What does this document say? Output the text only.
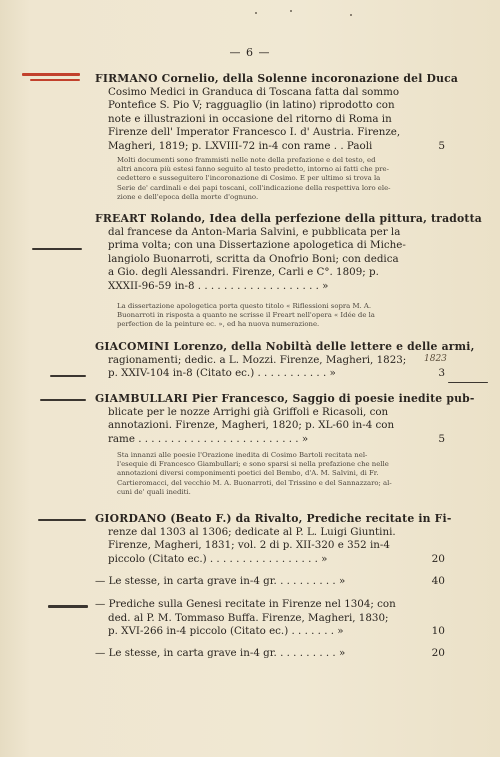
— 6 —
FIRMANO Cornelio, della Solenne incoronazione del Duca
Cosimo Medici in Granduca di Toscana fatta dal sommo
Pontefice S. Pio V; ragguaglio (in latino) riprodotto con
note e illustrazioni in occasione del ritorno di Roma in
Firenze dell' Imperator Francesco I. d' Austria. Firenze,
Magheri, 1819; p. LXVIII-72 in-4 con rame . . Paoli	5
Molti documenti sono frammisti nelle note della prefazione e del testo, ed
altri ancora più estesi fanno seguito al testo predetto, intorno ai fatti che pre-
cedettero e susseguitero l'incoronazione di Cosimo. E per ultimo si trova la
Serie de' cardinali e dei papi toscani, coll'indicazione della respettiva loro ele-
zione e dell'epoca della morte d'ognuno.
FREART Rolando, Idea della perfezione della pittura, tradotta
dal francese da Anton-Maria Salvini, e pubblicata per la
prima volta; con una Dissertazione apologetica di Miche-
langiolo Buonarroti, scritta da Onofrio Boni; con dedica
a Gio. degli Alessandri. Firenze, Carli e C°. 1809; p.
XXXII-96-59 in-8 . . . . . . . . . . . . . . . . . . . »
La dissertazione apologetica porta questo titolo « Riflessioni sopra M. A.
Buonarroti in risposta a quanto ne scrisse il Freart nell'opera « Idée de la
perfection de la peinture ec. », ed ha nuova numerazione.
GIACOMINI Lorenzo, della Nobiltà delle lettere e delle armi,
ragionamenti; dedic. a L. Mozzi. Firenze, Magheri, 1823;
p. XXIV-104 in-8 (Citato ec.) . . . . . . . . . . . »	3
1823
GIAMBULLARI Pier Francesco, Saggio di poesie inedite pub-
blicate per le nozze Arrighi già Griffoli e Ricasoli, con
annotazioni. Firenze, Magheri, 1820; p. XL-60 in-4 con
rame . . . . . . . . . . . . . . . . . . . . . . . . . »	5
Sta innanzi alle poesie l'Orazione inedita di Cosimo Bartoli recitata nel-
l'esequie di Francesco Giambullari; e sono sparsi si nella prefazione che nelle
annotazioni diversi componimenti poetici del Bembo, d'A. M. Salvini, di Fr.
Cartieromacci, del vecchio M. A. Buonarroti, del Trissino e del Sannazzaro; al-
cuni de' quali inediti.
GIORDANO (Beato F.) da Rivalto, Prediche recitate in Fi-
renze dal 1303 al 1306; dedicate al P. L. Luigi Giuntini.
Firenze, Magheri, 1831; vol. 2 di p. XII-320 e 352 in-4
piccolo (Citato ec.) . . . . . . . . . . . . . . . . . »	20
— Le stesse, in carta grave in-4 gr. . . . . . . . . . »	40
— Prediche sulla Genesi recitate in Firenze nel 1304; con
ded. al P. M. Tommaso Buffa. Firenze, Magheri, 1830;
p. XVI-266 in-4 piccolo (Citato ec.) . . . . . . . »	10
— Le stesse, in carta grave in-4 gr. . . . . . . . . . »	20
